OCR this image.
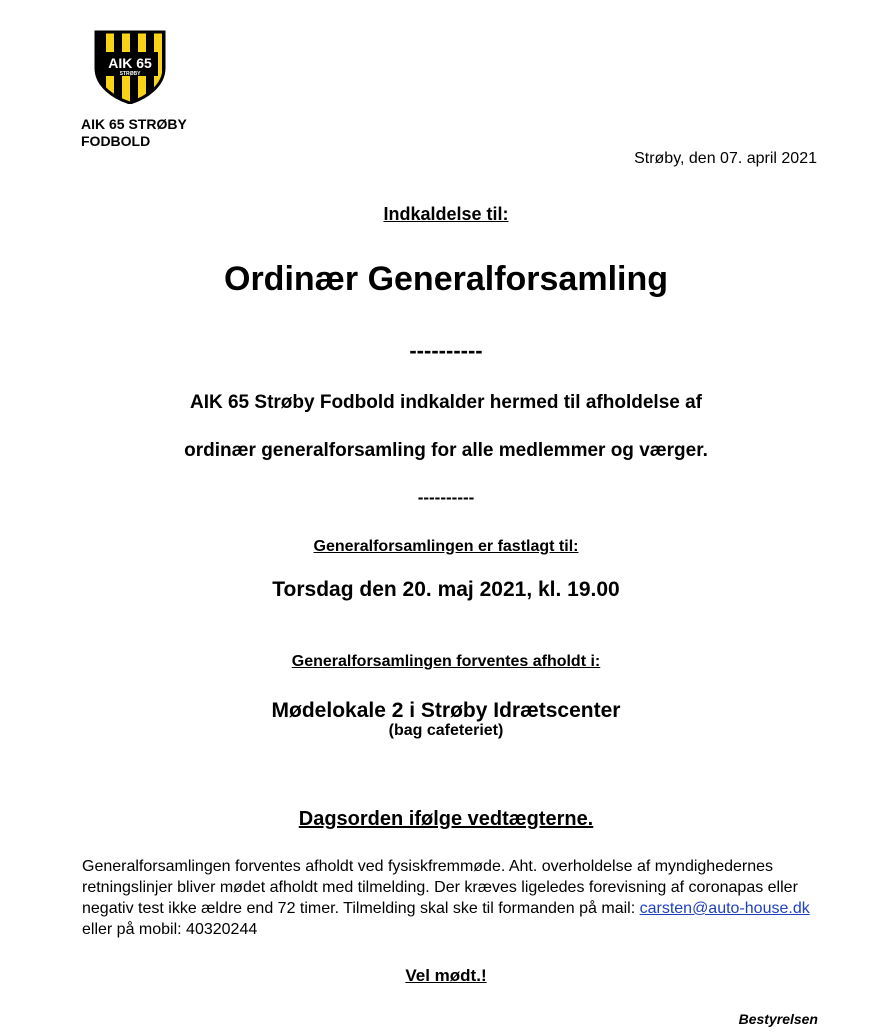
AIK 65
STRØBY
AIK 65 STRØBY
FODBOLD
Strøby, den 07. april 2021
Indkaldelse til:
Ordinær Generalforsamling
----------
AIK 65 Strøby Fodbold indkalder hermed til afholdelse af
ordinær generalforsamling for alle medlemmer og værger.
----------
Generalforsamlingen er fastlagt til:
Torsdag den 20. maj 2021, kl. 19.00
Generalforsamlingen forventes afholdt i:
Mødelokale 2 i Strøby Idrætscenter
(bag cafeteriet)
Dagsorden ifølge vedtægterne.
Generalforsamlingen forventes afholdt ved fysiskfremmøde. Aht. overholdelse af myndighedernes retningslinjer bliver mødet afholdt med tilmelding. Der kræves ligeledes forevisning af coronapas eller negativ test ikke ældre end 72 timer. Tilmelding skal ske til formanden på mail: carsten@auto-house.dk eller på mobil: 40320244
Vel mødt.!
Bestyrelsen
